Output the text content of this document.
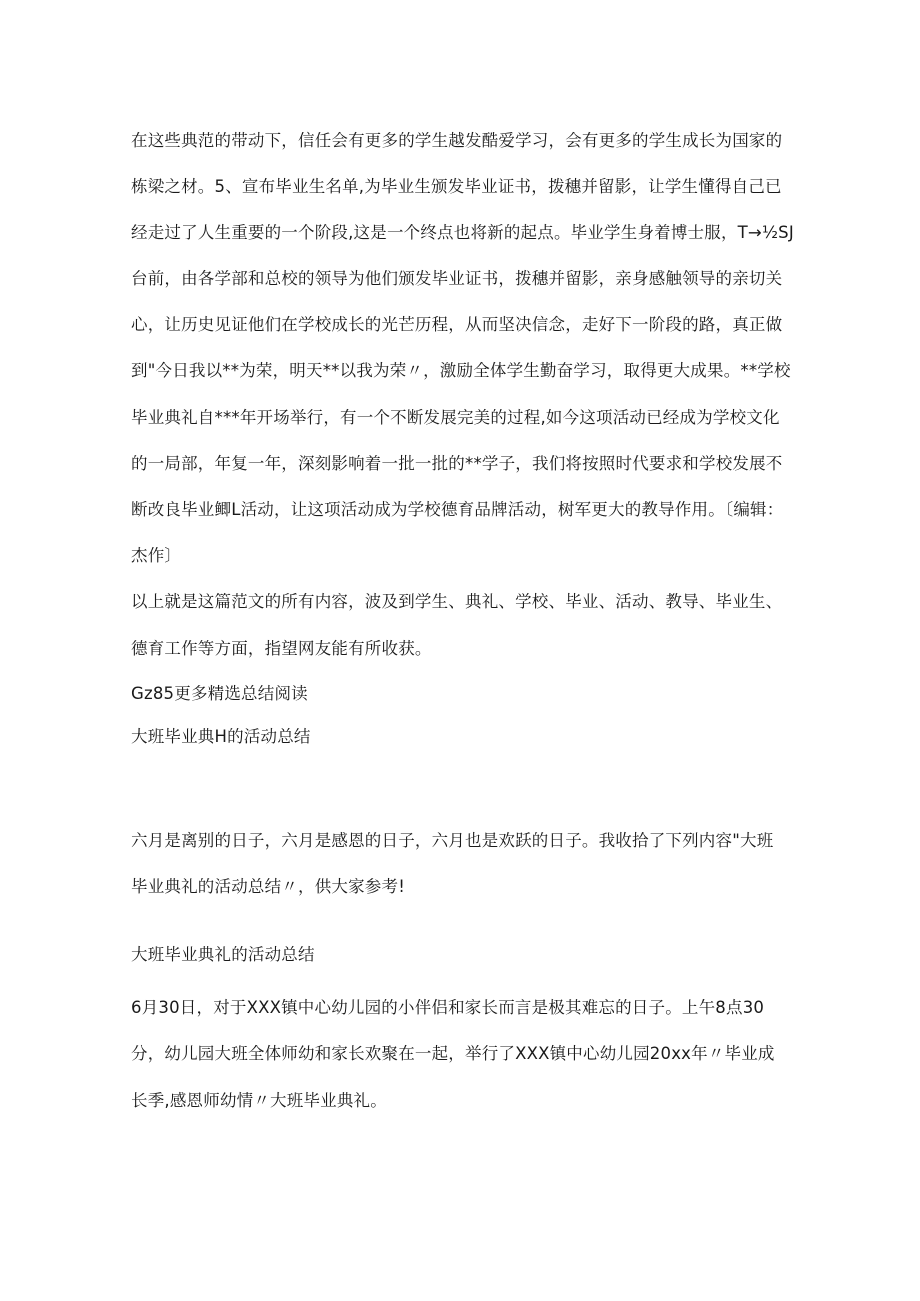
在这些典范的带动下，信任会有更多的学生越发酷爱学习，会有更多的学生成长为国家的
栋梁之材。5、宣布毕业生名单,为毕业生颁发毕业证书，拨穗并留影，让学生懂得自己已
经走过了人生重要的一个阶段,这是一个终点也将新的起点。毕业学生身着博士服，T→½SJ
台前，由各学部和总校的领导为他们颁发毕业证书，拨穗并留影，亲身感触领导的亲切关
心，让历史见证他们在学校成长的光芒历程，从而坚决信念，走好下一阶段的路，真正做
到"今日我以**为荣，明天**以我为荣〃，激励全体学生勤奋学习，取得更大成果。**学校
毕业典礼自***年开场举行，有一个不断发展完美的过程,如今这项活动已经成为学校文化
的一局部，年复一年，深刻影响着一批一批的**学子，我们将按照时代要求和学校发展不
断改良毕业鲫L活动，让这项活动成为学校德育品牌活动，树军更大的教导作用。〔编辑：
杰作〕
以上就是这篇范文的所有内容，波及到学生、典礼、学校、毕业、活动、教导、毕业生、
德育工作等方面，指望网友能有所收获。
Gz85更多精选总结阅读
大班毕业典H的活动总结
六月是离别的日子，六月是感恩的日子，六月也是欢跃的日子。我收拾了下列内容"大班
毕业典礼的活动总结〃，供大家参考!
大班毕业典礼的活动总结
6月30日，对于XXX镇中心幼儿园的小伴侣和家长而言是极其难忘的日子。上午8点30
分，幼儿园大班全体师幼和家长欢聚在一起，举行了XXX镇中心幼儿园20xx年〃毕业成
长季,感恩师幼情〃大班毕业典礼。
